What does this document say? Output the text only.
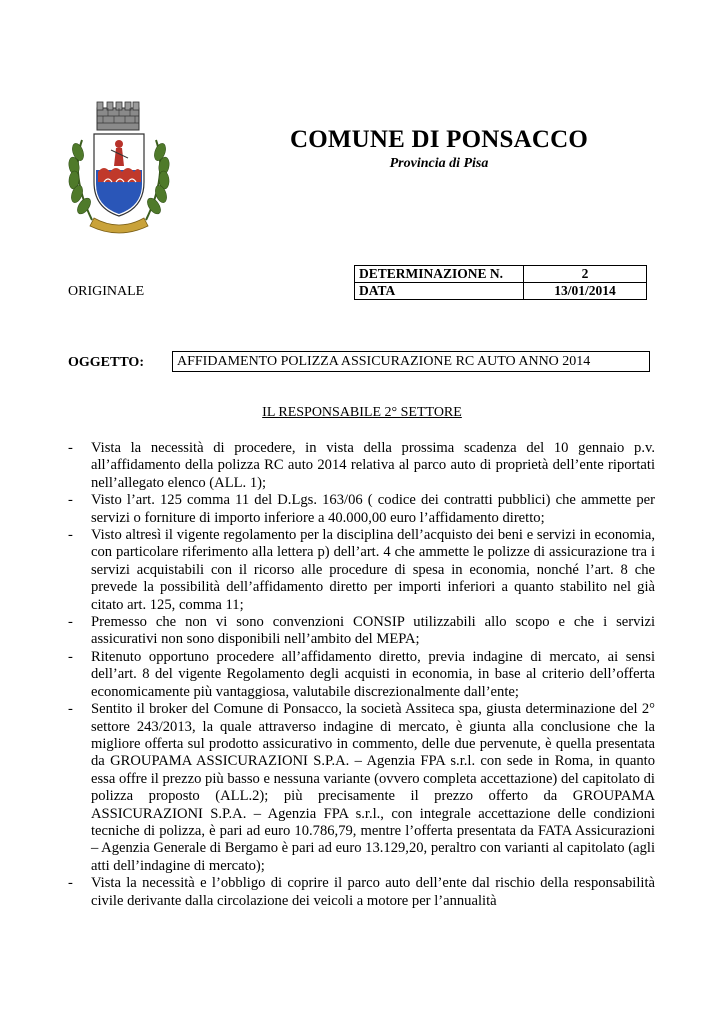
COMUNE DI PONSACCO

Provincia di Pisa

ORIGINALE
DETERMINAZIONE N.	2
DATA	13/01/2014
OGGETTO:	AFFIDAMENTO POLIZZA ASSICURAZIONE RC AUTO ANNO 2014
IL RESPONSABILE 2° SETTORE
- Vista la necessità di procedere, in vista della prossima scadenza del 10 gennaio p.v. all’affidamento della polizza RC auto 2014 relativa al parco auto di proprietà dell’ente riportati nell’allegato elenco (ALL. 1);
- Visto l’art. 125 comma 11 del D.Lgs. 163/06 ( codice dei contratti pubblici) che ammette per servizi o forniture di importo inferiore a 40.000,00 euro l’affidamento diretto;
- Visto altresì il vigente regolamento per la disciplina dell’acquisto dei beni e servizi in economia, con particolare riferimento alla lettera p) dell’art. 4 che ammette le polizze di assicurazione tra i servizi acquistabili con il ricorso alle procedure di spesa in economia, nonché l’art. 8 che prevede la possibilità dell’affidamento diretto per importi inferiori a quanto stabilito nel già citato art. 125, comma 11;
- Premesso che non vi sono convenzioni CONSIP utilizzabili allo scopo e che i servizi assicurativi non sono disponibili nell’ambito del MEPA;
- Ritenuto opportuno procedere all’affidamento diretto, previa indagine di mercato, ai sensi dell’art. 8 del vigente Regolamento degli acquisti in economia, in base al criterio dell’offerta economicamente più vantaggiosa, valutabile discrezionalmente dall’ente;
- Sentito il broker del Comune di Ponsacco, la società Assiteca spa, giusta determinazione del 2° settore 243/2013, la quale attraverso indagine di mercato, è giunta alla conclusione che la migliore offerta sul prodotto assicurativo in commento, delle due pervenute, è quella presentata da GROUPAMA ASSICURAZIONI S.P.A. – Agenzia FPA s.r.l. con sede in Roma, in quanto essa offre il prezzo più basso e nessuna variante (ovvero completa accettazione) del capitolato di polizza proposto (ALL.2); più precisamente il prezzo offerto da GROUPAMA ASSICURAZIONI S.P.A. – Agenzia FPA s.r.l., con integrale accettazione delle condizioni tecniche di polizza, è pari ad euro 10.786,79, mentre l’offerta presentata da FATA Assicurazioni – Agenzia Generale di Bergamo è pari ad euro 13.129,20, peraltro con varianti al capitolato (agli atti dell’indagine di mercato);
- Vista la necessità e l’obbligo di coprire il parco auto dell’ente dal rischio della responsabilità civile derivante dalla circolazione dei veicoli a motore per l’annualità
